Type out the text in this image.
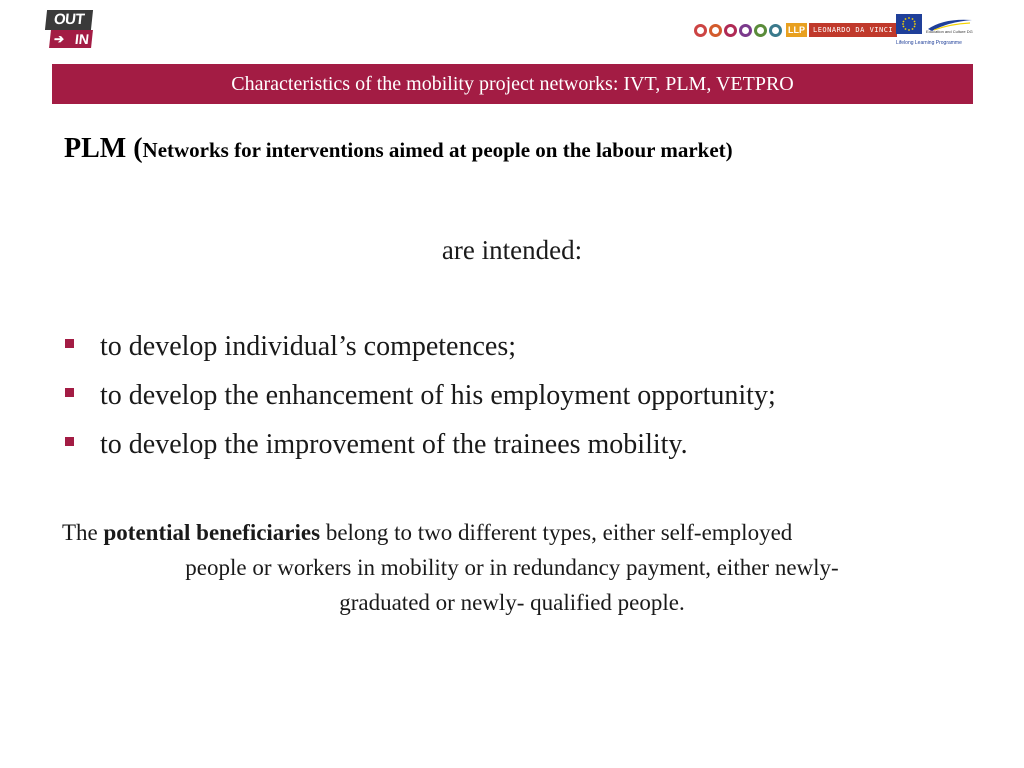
OUT
➔ IN
LLP	LEONARDO DA VINCI	Education and Culture DG
Lifelong Learning Programme
Characteristics of the mobility project networks: IVT, PLM, VETPRO
PLM (Networks for interventions aimed at people on the labour market)
are intended:
to develop individual’s competences;
to develop the enhancement of his employment opportunity;
to develop the improvement of the trainees mobility.
The potential beneficiaries belong to two different types, either self-employed
people or workers in mobility or in redundancy payment, either newly-
graduated or newly- qualified people.
